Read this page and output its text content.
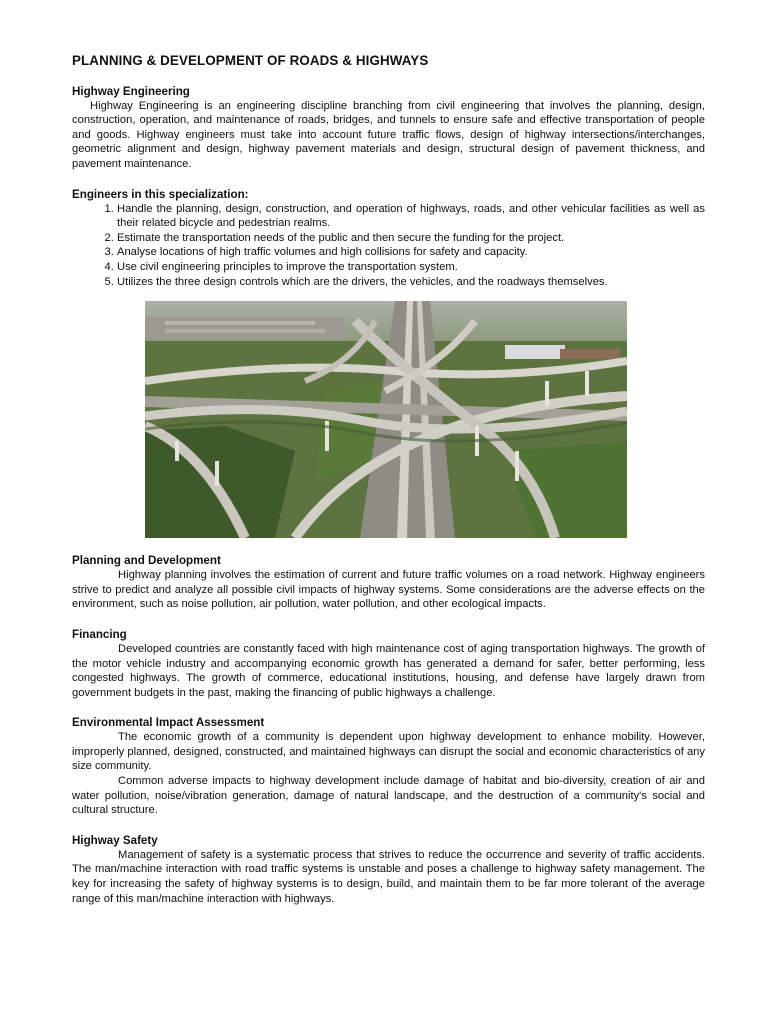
PLANNING & DEVELOPMENT OF ROADS & HIGHWAYS
Highway Engineering

Highway Engineering is an engineering discipline branching from civil engineering that involves the planning, design, construction, operation, and maintenance of roads, bridges, and tunnels to ensure safe and effective transportation of people and goods. Highway engineers must take into account future traffic flows, design of highway intersections/interchanges, geometric alignment and design, highway pavement materials and design, structural design of pavement thickness, and pavement maintenance.

Engineers in this specialization:
1. Handle the planning, design, construction, and operation of highways, roads, and other vehicular facilities as well as their related bicycle and pedestrian realms.
2. Estimate the transportation needs of the public and then secure the funding for the project.
3. Analyse locations of high traffic volumes and high collisions for safety and capacity.
4. Use civil engineering principles to improve the transportation system.
5. Utilizes the three design controls which are the drivers, the vehicles, and the roadways themselves.
Planning and Development

Highway planning involves the estimation of current and future traffic volumes on a road network. Highway engineers strive to predict and analyze all possible civil impacts of highway systems. Some considerations are the adverse effects on the environment, such as noise pollution, air pollution, water pollution, and other ecological impacts.

Financing

Developed countries are constantly faced with high maintenance cost of aging transportation highways. The growth of the motor vehicle industry and accompanying economic growth has generated a demand for safer, better performing, less congested highways. The growth of commerce, educational institutions, housing, and defense have largely drawn from government budgets in the past, making the financing of public highways a challenge.

Environmental Impact Assessment

The economic growth of a community is dependent upon highway development to enhance mobility. However, improperly planned, designed, constructed, and maintained highways can disrupt the social and economic characteristics of any size community.

Common adverse impacts to highway development include damage of habitat and bio-diversity, creation of air and water pollution, noise/vibration generation, damage of natural landscape, and the destruction of a community's social and cultural structure.

Highway Safety

Management of safety is a systematic process that strives to reduce the occurrence and severity of traffic accidents. The man/machine interaction with road traffic systems is unstable and poses a challenge to highway safety management. The key for increasing the safety of highway systems is to design, build, and maintain them to be far more tolerant of the average range of this man/machine interaction with highways.
